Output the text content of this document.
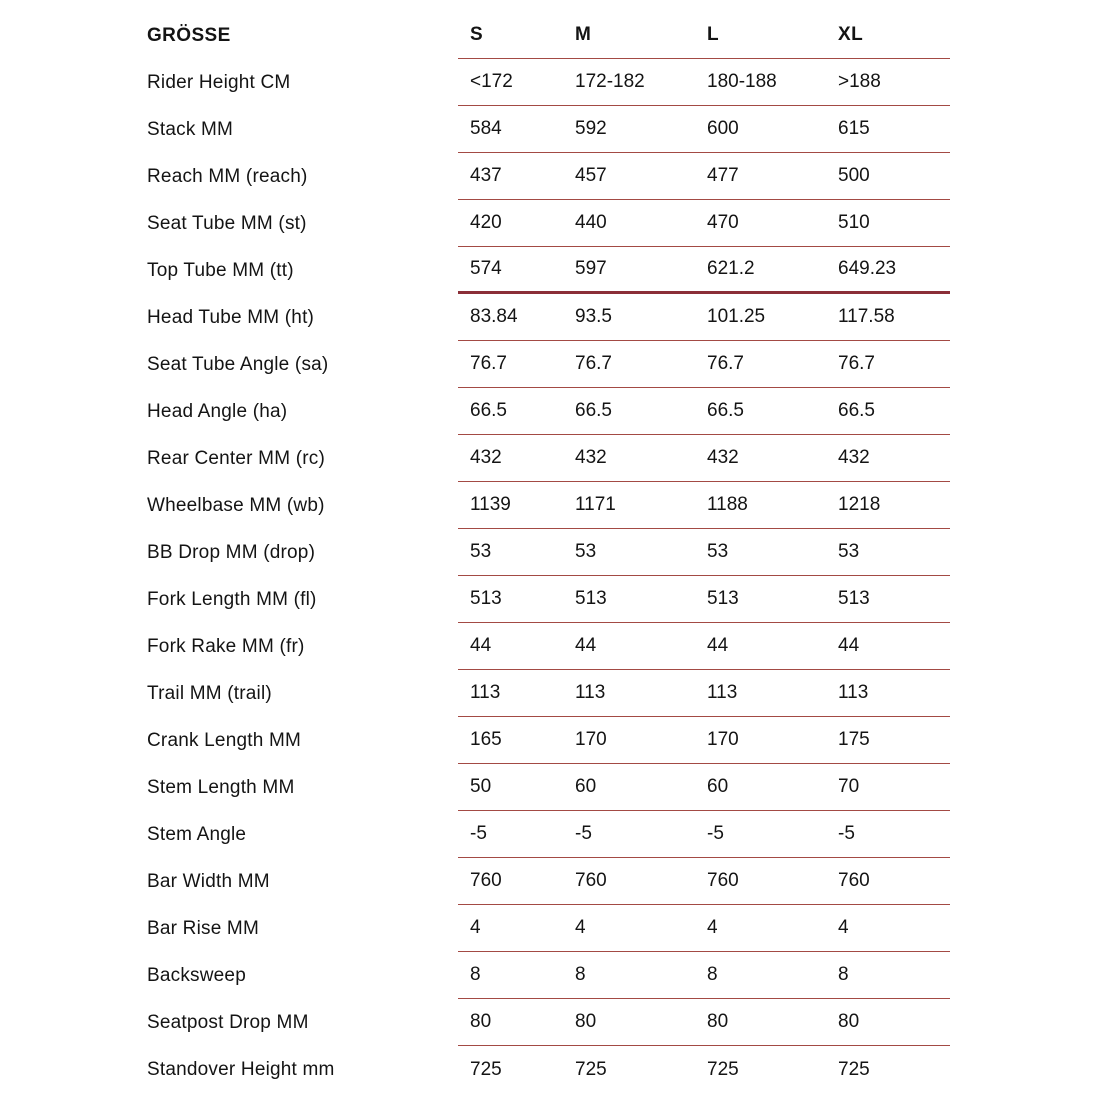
GRÖSSE	S	M	L	XL
Rider Height CM	<172	172-182	180-188	>188
Stack MM	584	592	600	615
Reach MM (reach)	437	457	477	500
Seat Tube MM (st)	420	440	470	510
Top Tube MM (tt)	574	597	621.2	649.23
Head Tube MM (ht)	83.84	93.5	101.25	117.58
Seat Tube Angle (sa)	76.7	76.7	76.7	76.7
Head Angle (ha)	66.5	66.5	66.5	66.5
Rear Center MM (rc)	432	432	432	432
Wheelbase MM (wb)	1139	1171	1188	1218
BB Drop MM (drop)	53	53	53	53
Fork Length MM (fl)	513	513	513	513
Fork Rake MM (fr)	44	44	44	44
Trail MM (trail)	113	113	113	113
Crank Length MM	165	170	170	175
Stem Length MM	50	60	60	70
Stem Angle	-5	-5	-5	-5
Bar Width MM	760	760	760	760
Bar Rise MM	4	4	4	4
Backsweep	8	8	8	8
Seatpost Drop MM	80	80	80	80
Standover Height mm	725	725	725	725
